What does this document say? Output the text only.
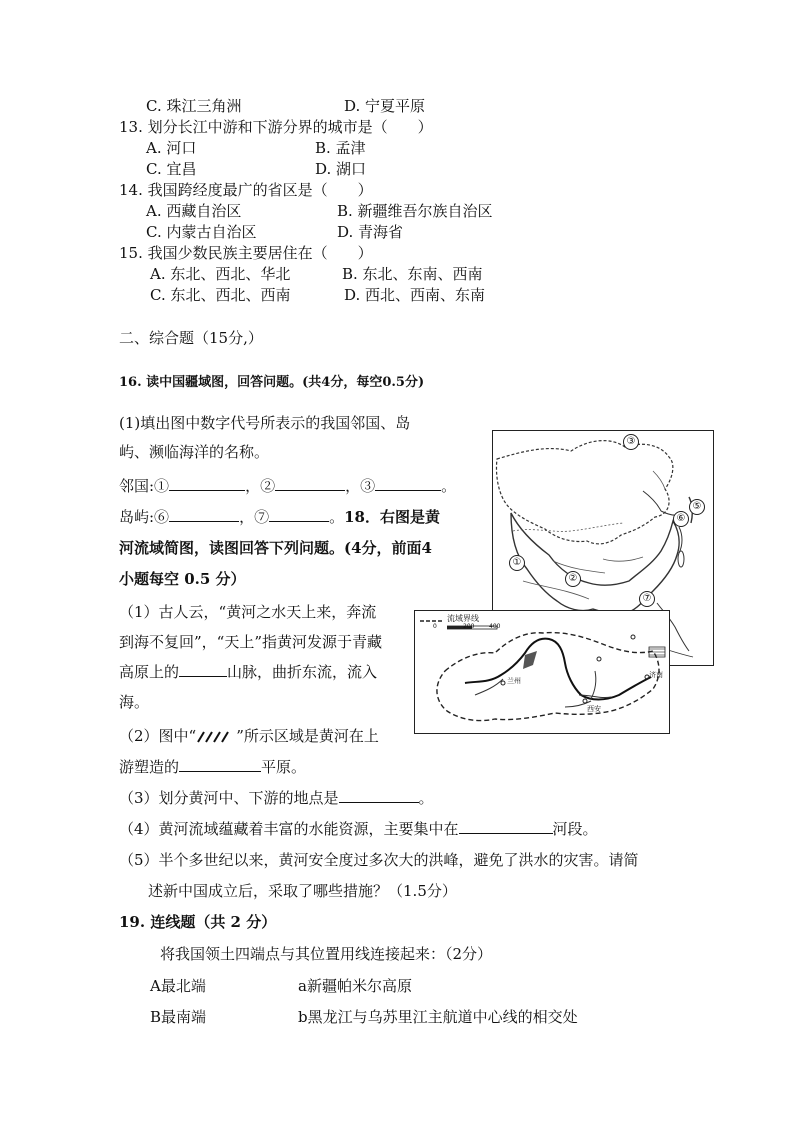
C. 珠江三角洲	D. 宁夏平原
13. 划分长江中游和下游分界的城市是（　　）
A. 河口	B. 孟津
C. 宜昌	D. 湖口
14. 我国跨经度最广的省区是（　　）
A. 西藏自治区	B. 新疆维吾尔族自治区
C. 内蒙古自治区	D. 青海省
15. 我国少数民族主要居住在（　　）
A. 东北、西北、华北	B. 东北、东南、西南
C. 东北、西北、西南	D. 西北、西南、东南
二、综合题（15分,）
16. 读中国疆域图，回答问题。(共4分，每空0.5分)
(1)填出图中数字代号所表示的我国邻国、岛
屿、濒临海洋的名称。
邻国:①	，②	，③	。
岛屿:⑥	，⑦	。18．右图是黄
河流域简图，读图回答下列问题。(4分，前面4
小题每空 0.5 分）
（1）古人云，“黄河之水天上来，奔流
到海不复回”，“天上”指黄河发源于青藏
高原上的	山脉，曲折东流，流入
海。
（2）图中“	”所示区域是黄河在上
游塑造的	平原。
（3）划分黄河中、下游的地点是	。
（4）黄河流域蕴藏着丰富的水能资源，主要集中在	河段。
（5）半个多世纪以来，黄河安全度过多次大的洪峰，避免了洪水的灾害。请简
述新中国成立后，采取了哪些措施？（1.5分）
19. 连线题（共 2 分）
将我国领土四端点与其位置用线连接起来：（2分）
A最北端	a新疆帕米尔高原
B最南端	b黑龙江与乌苏里江主航道中心线的相交处
③
⑤
⑥
①
②
⑦
流域界线
0	200 400
兰州
西安
济南
